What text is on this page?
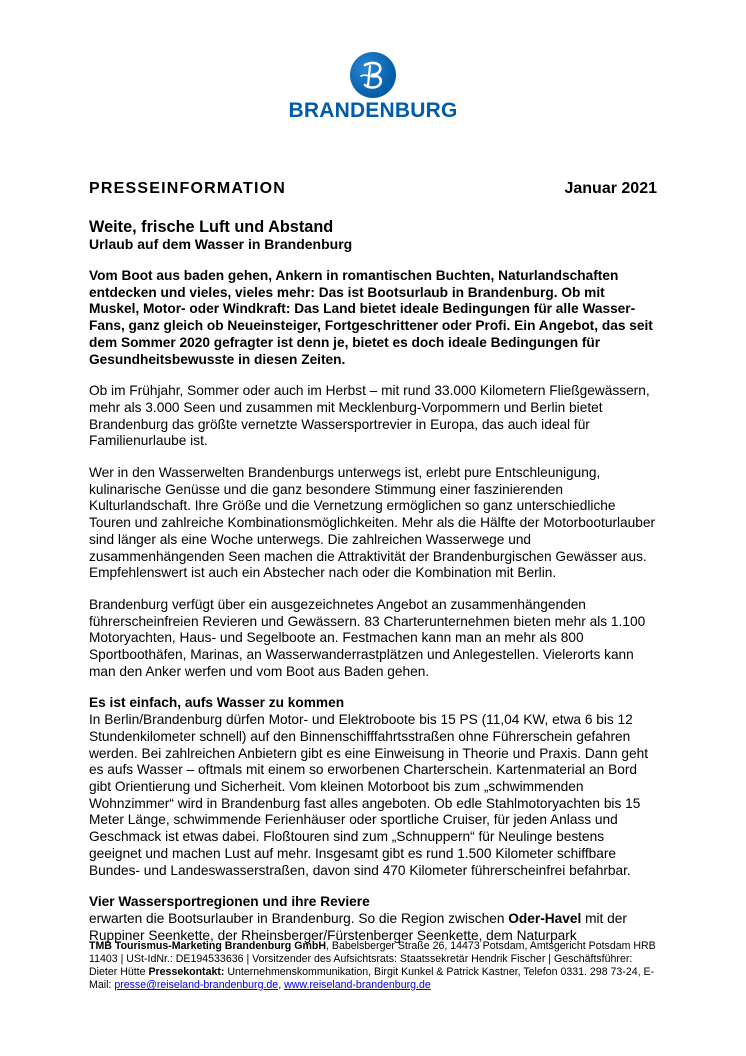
BRANDENBURG
PRESSEINFORMATION	Januar 2021
Weite, frische Luft und Abstand
Urlaub auf dem Wasser in Brandenburg
Vom Boot aus baden gehen, Ankern in romantischen Buchten, Naturlandschaften entdecken und vieles, vieles mehr: Das ist Bootsurlaub in Brandenburg. Ob mit Muskel, Motor- oder Windkraft: Das Land bietet ideale Bedingungen für alle Wasser-Fans, ganz gleich ob Neueinsteiger, Fortgeschrittener oder Profi. Ein Angebot, das seit dem Sommer 2020 gefragter ist denn je, bietet es doch ideale Bedingungen für Gesundheitsbewusste in diesen Zeiten.

Ob im Frühjahr, Sommer oder auch im Herbst – mit rund 33.000 Kilometern Fließgewässern, mehr als 3.000 Seen und zusammen mit Mecklenburg-Vorpommern und Berlin bietet Brandenburg das größte vernetzte Wassersportrevier in Europa, das auch ideal für Familienurlaube ist.

Wer in den Wasserwelten Brandenburgs unterwegs ist, erlebt pure Entschleunigung, kulinarische Genüsse und die ganz besondere Stimmung einer faszinierenden Kulturlandschaft. Ihre Größe und die Vernetzung ermöglichen so ganz unterschiedliche Touren und zahlreiche Kombinationsmöglichkeiten. Mehr als die Hälfte der Motorbooturlauber sind länger als eine Woche unterwegs. Die zahlreichen Wasserwege und zusammenhängenden Seen machen die Attraktivität der Brandenburgischen Gewässer aus. Empfehlenswert ist auch ein Abstecher nach oder die Kombination mit Berlin.

Brandenburg verfügt über ein ausgezeichnetes Angebot an zusammenhängenden führerscheinfreien Revieren und Gewässern. 83 Charterunternehmen bieten mehr als 1.100 Motoryachten, Haus- und Segelboote an. Festmachen kann man an mehr als 800 Sportboothäfen, Marinas, an Wasserwanderrastplätzen und Anlegestellen. Vielerorts kann man den Anker werfen und vom Boot aus Baden gehen.

Es ist einfach, aufs Wasser zu kommen

In Berlin/Brandenburg dürfen Motor- und Elektroboote bis 15 PS (11,04 KW, etwa 6 bis 12 Stundenkilometer schnell) auf den Binnenschifffahrtsstraßen ohne Führerschein gefahren werden. Bei zahlreichen Anbietern gibt es eine Einweisung in Theorie und Praxis. Dann geht es aufs Wasser – oftmals mit einem so erworbenen Charterschein. Kartenmaterial an Bord gibt Orientierung und Sicherheit. Vom kleinen Motorboot bis zum „schwimmenden Wohnzimmer“ wird in Brandenburg fast alles angeboten. Ob edle Stahlmotoryachten bis 15 Meter Länge, schwimmende Ferienhäuser oder sportliche Cruiser, für jeden Anlass und Geschmack ist etwas dabei. Floßtouren sind zum „Schnuppern“ für Neulinge bestens geeignet und machen Lust auf mehr. Insgesamt gibt es rund 1.500 Kilometer schiffbare Bundes- und Landeswasserstraßen, davon sind 470 Kilometer führerscheinfrei befahrbar.

Vier Wassersportregionen und ihre Reviere

erwarten die Bootsurlauber in Brandenburg. So die Region zwischen Oder-Havel mit der Ruppiner Seenkette, der Rheinsberger/Fürstenberger Seenkette, dem Naturpark

TMB Tourismus-Marketing Brandenburg GmbH, Babelsberger Straße 26, 14473 Potsdam, Amtsgericht Potsdam HRB 11403 | USt-IdNr.: DE194533636 | Vorsitzender des Aufsichtsrats: Staatssekretär Hendrik Fischer | Geschäftsführer: Dieter Hütte Pressekontakt: Unternehmenskommunikation, Birgit Kunkel & Patrick Kastner, Telefon 0331. 298 73-24, E-Mail: presse@reiseland-brandenburg.de, www.reiseland-brandenburg.de
